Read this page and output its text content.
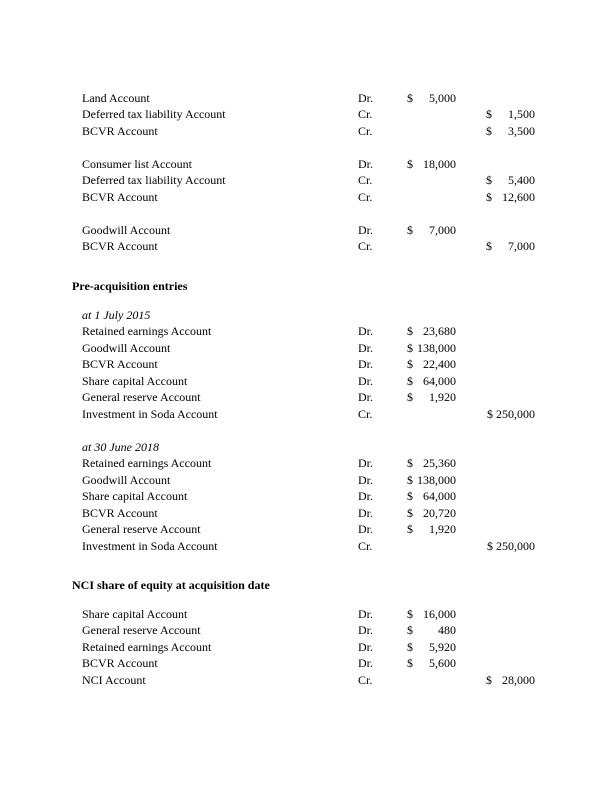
Land Account	Dr.	$ 5,000
Deferred tax liability Account	Cr.	$ 1,500
BCVR Account	Cr.	$ 3,500
Consumer list Account	Dr.	$ 18,000
Deferred tax liability Account	Cr.	$ 5,400
BCVR Account	Cr.	$ 12,600
Goodwill Account	Dr.	$ 7,000
BCVR Account	Cr.	$ 7,000
Pre-acquisition entries
at 1 July 2015
Retained earnings Account	Dr.	$ 23,680
Goodwill Account	Dr.	$ 138,000
BCVR Account	Dr.	$ 22,400
Share capital Account	Dr.	$ 64,000
General reserve Account	Dr.	$ 1,920
Investment in Soda Account	Cr.	$ 250,000
at 30 June 2018
Retained earnings Account	Dr.	$ 25,360
Goodwill Account	Dr.	$ 138,000
Share capital Account	Dr.	$ 64,000
BCVR Account	Dr.	$ 20,720
General reserve Account	Dr.	$ 1,920
Investment in Soda Account	Cr.	$ 250,000
NCI share of equity at acquisition date
Share capital Account	Dr.	$ 16,000
General reserve Account	Dr.	$ 480
Retained earnings Account	Dr.	$ 5,920
BCVR Account	Dr.	$ 5,600
NCI Account	Cr.	$ 28,000
